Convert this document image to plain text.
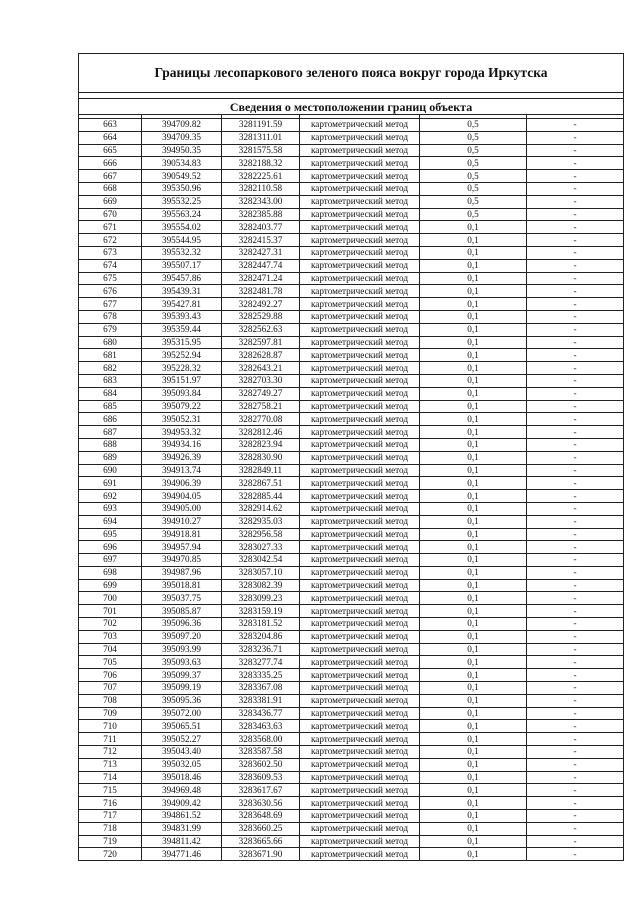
Границы лесопаркового зеленого пояса вокруг города Иркутска					

Сведения о местоположении границ объекта					

663	394709.82	3281191.59	картометрический метод	0,5	-
664	394709.35	3281311.01	картометрический метод	0,5	-
665	394950.35	3281575.58	картометрический метод	0,5	-
666	390534.83	3282188.32	картометрический метод	0,5	-
667	390549.52	3282225.61	картометрический метод	0,5	-
668	395350.96	3282110.58	картометрический метод	0,5	-
669	395532.25	3282343.00	картометрический метод	0,5	-
670	395563.24	3282385.88	картометрический метод	0,5	-
671	395554.02	3282403.77	картометрический метод	0,1	-
672	395544.95	3282415.37	картометрический метод	0,1	-
673	395532.32	3282427.31	картометрический метод	0,1	-
674	395507.17	3282447.74	картометрический метод	0,1	-
675	395457.86	3282471.24	картометрический метод	0,1	-
676	395439.31	3282481.78	картометрический метод	0,1	-
677	395427.81	3282492.27	картометрический метод	0,1	-
678	395393.43	3282529.88	картометрический метод	0,1	-
679	395359.44	3282562.63	картометрический метод	0,1	-
680	395315.95	3282597.81	картометрический метод	0,1	-
681	395252.94	3282628.87	картометрический метод	0,1	-
682	395228.32	3282643.21	картометрический метод	0,1	-
683	395151.97	3282703.30	картометрический метод	0,1	-
684	395093.84	3282749.27	картометрический метод	0,1	-
685	395079.22	3282758.21	картометрический метод	0,1	-
686	395052.31	3282770.08	картометрический метод	0,1	-
687	394953.32	3282812.46	картометрический метод	0,1	-
688	394934.16	3282823.94	картометрический метод	0,1	-
689	394926.39	3282830.90	картометрический метод	0,1	-
690	394913.74	3282849.11	картометрический метод	0,1	-
691	394906.39	3282867.51	картометрический метод	0,1	-
692	394904.05	3282885.44	картометрический метод	0,1	-
693	394905.00	3282914.62	картометрический метод	0,1	-
694	394910.27	3282935.03	картометрический метод	0,1	-
695	394918.81	3282956.58	картометрический метод	0,1	-
696	394957.94	3283027.33	картометрический метод	0,1	-
697	394970.85	3283042.54	картометрический метод	0,1	-
698	394987.96	3283057.10	картометрический метод	0,1	-
699	395018.81	3283082.39	картометрический метод	0,1	-
700	395037.75	3283099.23	картометрический метод	0,1	-
701	395085.87	3283159.19	картометрический метод	0,1	-
702	395096.36	3283181.52	картометрический метод	0,1	-
703	395097.20	3283204.86	картометрический метод	0,1	-
704	395093.99	3283236.71	картометрический метод	0,1	-
705	395093.63	3283277.74	картометрический метод	0,1	-
706	395099.37	3283335.25	картометрический метод	0,1	-
707	395099.19	3283367.08	картометрический метод	0,1	-
708	395095.36	3283381.91	картометрический метод	0,1	-
709	395072.00	3283436.77	картометрический метод	0,1	-
710	395065.51	3283463.63	картометрический метод	0,1	-
711	395052.27	3283568.00	картометрический метод	0,1	-
712	395043.40	3283587.58	картометрический метод	0,1	-
713	395032.05	3283602.50	картометрический метод	0,1	-
714	395018.46	3283609.53	картометрический метод	0,1	-
715	394969.48	3283617.67	картометрический метод	0,1	-
716	394909.42	3283630.56	картометрический метод	0,1	-
717	394861.52	3283648.69	картометрический метод	0,1	-
718	394831.99	3283660.25	картометрический метод	0,1	-
719	394811.42	3283665.66	картометрический метод	0,1	-
720	394771.46	3283671.90	картометрический метод	0,1	-
